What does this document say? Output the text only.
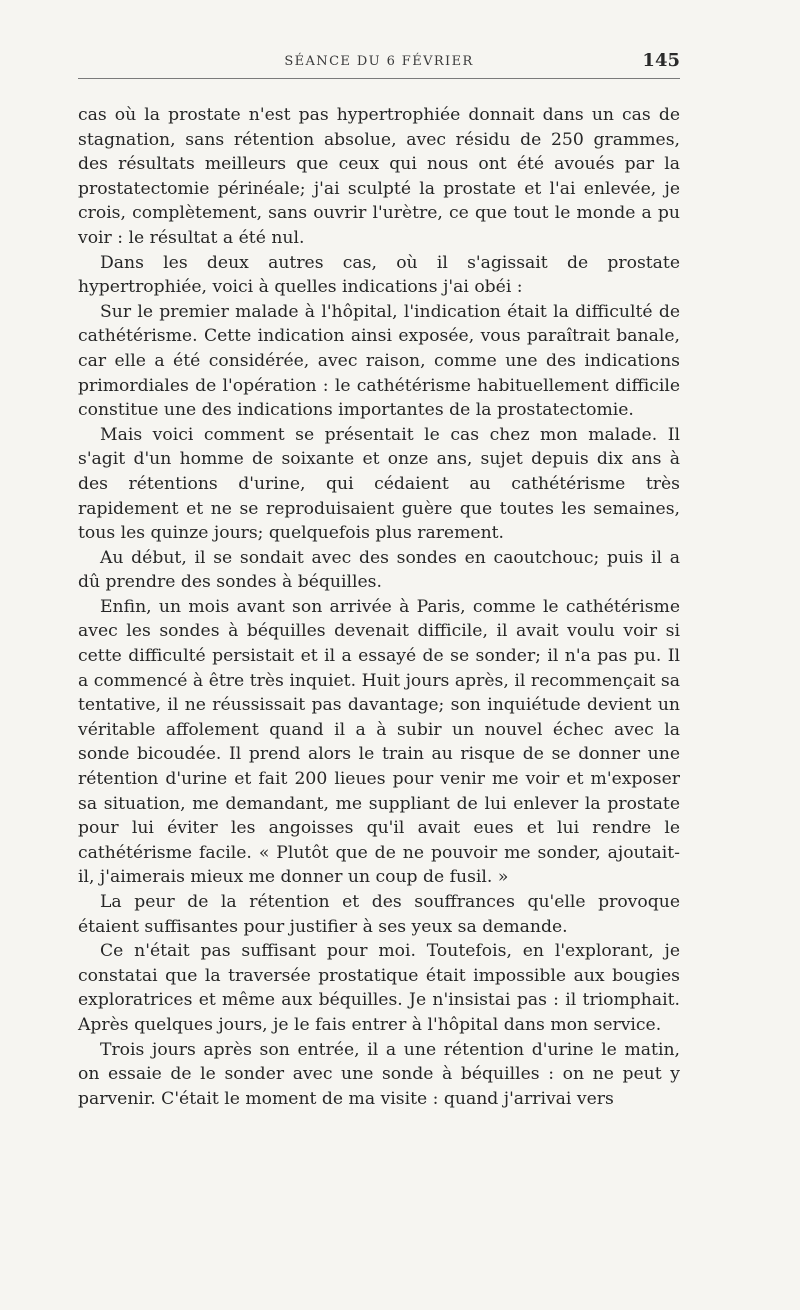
SÉANCE DU 6 FÉVRIER	145

cas où la prostate n'est pas hypertrophiée donnait dans un cas de stagnation, sans rétention absolue, avec résidu de 250 grammes, des résultats meilleurs que ceux qui nous ont été avoués par la prostatectomie périnéale; j'ai sculpté la prostate et l'ai enlevée, je crois, complètement, sans ouvrir l'urètre, ce que tout le monde a pu voir : le résultat a été nul.

Dans les deux autres cas, où il s'agissait de prostate hypertrophiée, voici à quelles indications j'ai obéi :

Sur le premier malade à l'hôpital, l'indication était la difficulté de cathétérisme. Cette indication ainsi exposée, vous paraîtrait banale, car elle a été considérée, avec raison, comme une des indications primordiales de l'opération : le cathétérisme habituellement difficile constitue une des indications importantes de la prostatectomie.

Mais voici comment se présentait le cas chez mon malade. Il s'agit d'un homme de soixante et onze ans, sujet depuis dix ans à des rétentions d'urine, qui cédaient au cathétérisme très rapidement et ne se reproduisaient guère que toutes les semaines, tous les quinze jours; quelquefois plus rarement.

Au début, il se sondait avec des sondes en caoutchouc; puis il a dû prendre des sondes à béquilles.

Enfin, un mois avant son arrivée à Paris, comme le cathétérisme avec les sondes à béquilles devenait difficile, il avait voulu voir si cette difficulté persistait et il a essayé de se sonder; il n'a pas pu. Il a commencé à être très inquiet. Huit jours après, il recommençait sa tentative, il ne réussissait pas davantage; son inquiétude devient un véritable affolement quand il a à subir un nouvel échec avec la sonde bicoudée. Il prend alors le train au risque de se donner une rétention d'urine et fait 200 lieues pour venir me voir et m'exposer sa situation, me demandant, me suppliant de lui enlever la prostate pour lui éviter les angoisses qu'il avait eues et lui rendre le cathétérisme facile. « Plutôt que de ne pouvoir me sonder, ajoutait-il, j'aimerais mieux me donner un coup de fusil. »

La peur de la rétention et des souffrances qu'elle provoque étaient suffisantes pour justifier à ses yeux sa demande.

Ce n'était pas suffisant pour moi. Toutefois, en l'explorant, je constatai que la traversée prostatique était impossible aux bougies exploratrices et même aux béquilles. Je n'insistai pas : il triomphait. Après quelques jours, je le fais entrer à l'hôpital dans mon service.

Trois jours après son entrée, il a une rétention d'urine le matin, on essaie de le sonder avec une sonde à béquilles : on ne peut y parvenir. C'était le moment de ma visite : quand j'arrivai vers
